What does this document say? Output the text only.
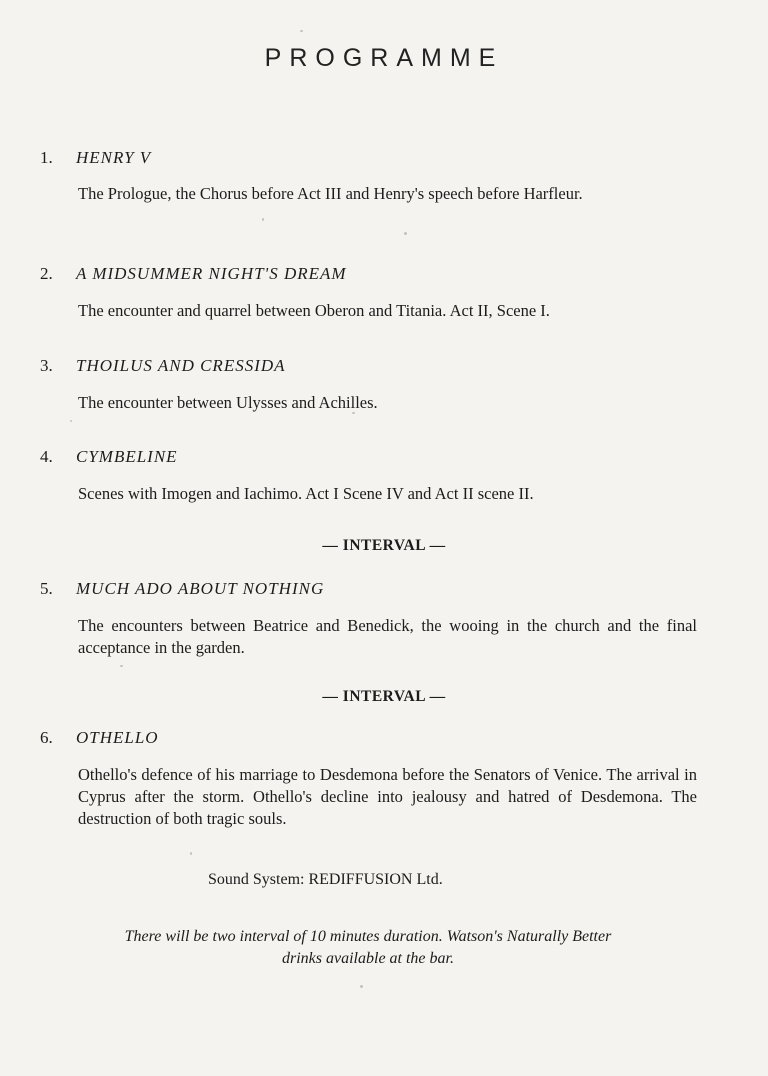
PROGRAMME
1. HENRY V
The Prologue, the Chorus before Act III and Henry's speech before Harfleur.
2. A MIDSUMMER NIGHT'S DREAM
The encounter and quarrel between Oberon and Titania. Act II, Scene I.
3. THOILUS AND CRESSIDA
The encounter between Ulysses and Achilles.
4. CYMBELINE
Scenes with Imogen and Iachimo. Act I Scene IV and Act II scene II.
— INTERVAL —
5. MUCH ADO ABOUT NOTHING
The encounters between Beatrice and Benedick, the wooing in the church and the final acceptance in the garden.
— INTERVAL —
6. OTHELLO
Othello's defence of his marriage to Desdemona before the Senators of Venice. The arrival in Cyprus after the storm. Othello's decline into jealousy and hatred of Desdemona. The destruction of both tragic souls.
Sound System: REDIFFUSION Ltd.
There will be two interval of 10 minutes duration. Watson's Naturally Better
drinks available at the bar.
